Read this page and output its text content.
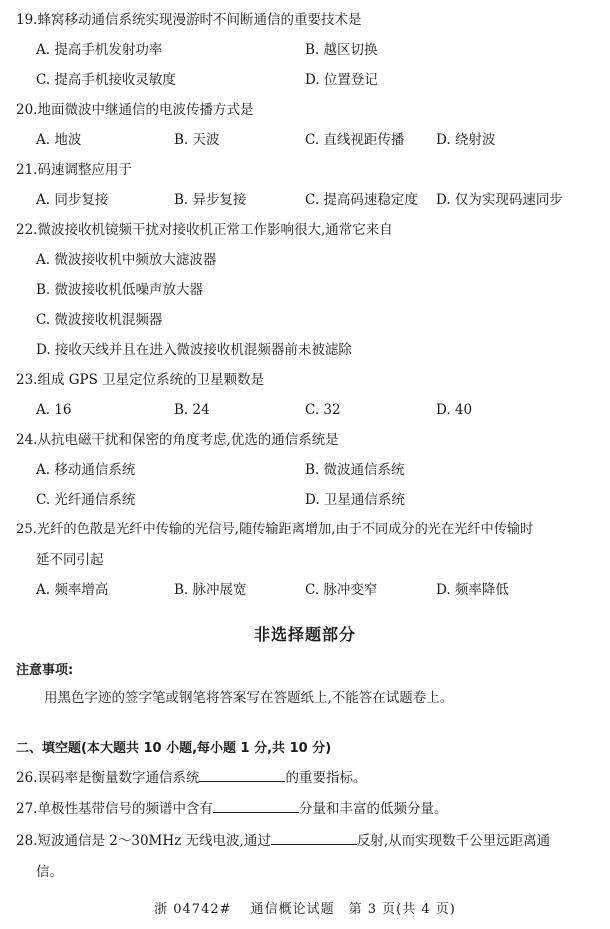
19.蜂窝移动通信系统实现漫游时不间断通信的重要技术是
A. 提高手机发射功率	B. 越区切换
C. 提高手机接收灵敏度	D. 位置登记
20.地面微波中继通信的电波传播方式是
A. 地波	B. 天波	C. 直线视距传播 D. 绕射波
21.码速调整应用于
A. 同步复接	B. 异步复接	C. 提高码速稳定度 D. 仅为实现码速同步
22.微波接收机镜频干扰对接收机正常工作影响很大,通常它来自
A. 微波接收机中频放大滤波器
B. 微波接收机低噪声放大器
C. 微波接收机混频器
D. 接收天线并且在进入微波接收机混频器前未被滤除
23.组成 GPS 卫星定位系统的卫星颗数是
A. 16	B. 24	C. 32	D. 40
24.从抗电磁干扰和保密的角度考虑,优选的通信系统是
A. 移动通信系统	B. 微波通信系统
C. 光纤通信系统	D. 卫星通信系统
25.光纤的色散是光纤中传输的光信号,随传输距离增加,由于不同成分的光在光纤中传输时
延不同引起
A. 频率增高	B. 脉冲展宽	C. 脉冲变窄	D. 频率降低
非选择题部分
注意事项:
用黑色字迹的签字笔或钢笔将答案写在答题纸上,不能答在试题卷上。
二、填空题(本大题共 10 小题,每小题 1 分,共 10 分)
26.误码率是衡量数字通信系统	的重要指标。
27.单极性基带信号的频谱中含有	分量和丰富的低频分量。
28.短波通信是 2～30MHz 无线电波,通过	反射,从而实现数千公里远距离通
信。
浙 04742#　 通信概论试题　第 3 页(共 4 页)
